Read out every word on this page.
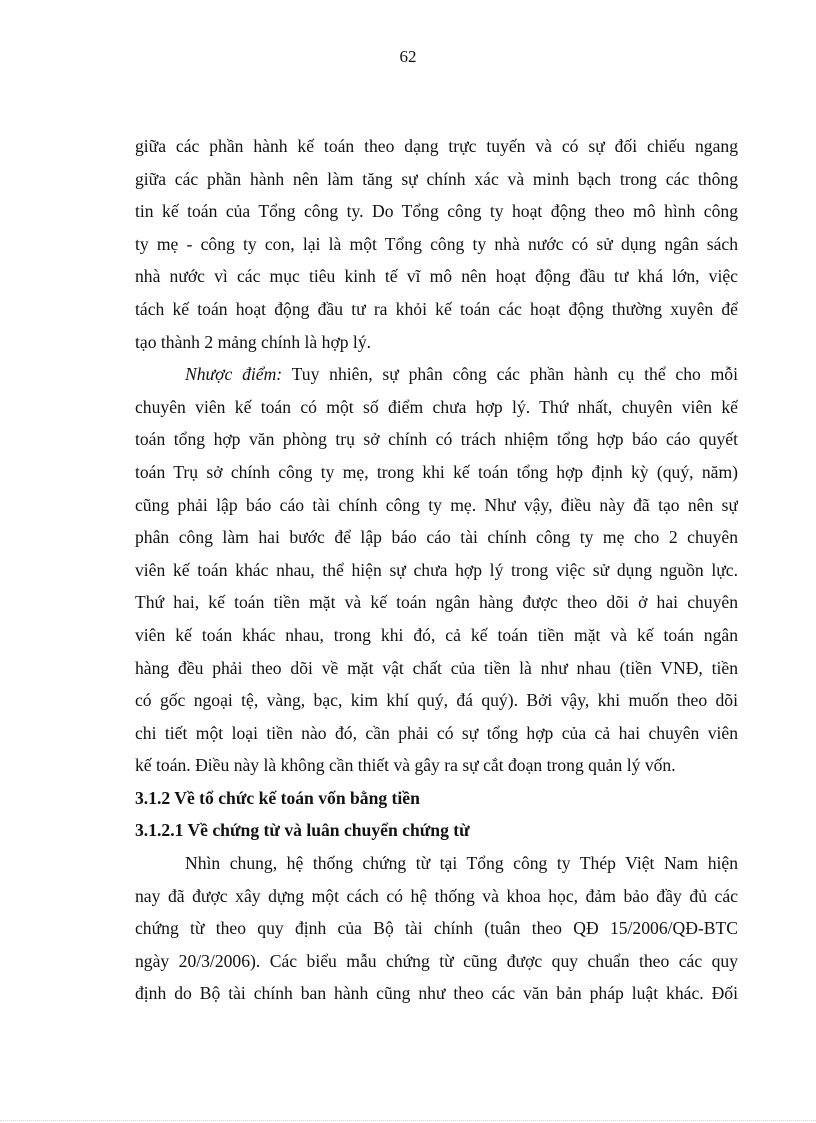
62
giữa các phần hành kế toán theo dạng trực tuyến và có sự đối chiếu ngang
giữa các phần hành nên làm tăng sự chính xác và minh bạch trong các thông
tin kế toán của Tổng công ty. Do Tổng công ty hoạt động theo mô hình công
ty mẹ - công ty con, lại là một Tổng công ty nhà nước có sử dụng ngân sách
nhà nước vì các mục tiêu kinh tế vĩ mô nên hoạt động đầu tư khá lớn, việc
tách kế toán hoạt động đầu tư ra khỏi kế toán các hoạt động thường xuyên để
tạo thành 2 mảng chính là hợp lý.
Nhược điểm: Tuy nhiên, sự phân công các phần hành cụ thể cho mỗi
chuyên viên kế toán có một số điểm chưa hợp lý. Thứ nhất, chuyên viên kế
toán tổng hợp văn phòng trụ sở chính có trách nhiệm tổng hợp báo cáo quyết
toán Trụ sở chính công ty mẹ, trong khi kế toán tổng hợp định kỳ (quý, năm)
cũng phải lập báo cáo tài chính công ty mẹ. Như vậy, điều này đã tạo nên sự
phân công làm hai bước để lập báo cáo tài chính công ty mẹ cho 2 chuyên
viên kế toán khác nhau, thể hiện sự chưa hợp lý trong việc sử dụng nguồn lực.
Thứ hai, kế toán tiền mặt và kế toán ngân hàng được theo dõi ở hai chuyên
viên kế toán khác nhau, trong khi đó, cả kế toán tiền mặt và kế toán ngân
hàng đều phải theo dõi về mặt vật chất của tiền là như nhau (tiền VNĐ, tiền
có gốc ngoại tệ, vàng, bạc, kim khí quý, đá quý). Bởi vậy, khi muốn theo dõi
chi tiết một loại tiền nào đó, cần phải có sự tổng hợp của cả hai chuyên viên
kế toán. Điều này là không cần thiết và gây ra sự cắt đoạn trong quản lý vốn.
3.1.2 Về tổ chức kế toán vốn bằng tiền
3.1.2.1 Về chứng từ và luân chuyển chứng từ
Nhìn chung, hệ thống chứng từ tại Tổng công ty Thép Việt Nam hiện
nay đã được xây dựng một cách có hệ thống và khoa học, đảm bảo đầy đủ các
chứng từ theo quy định của Bộ tài chính (tuân theo QĐ 15/2006/QĐ-BTC
ngày 20/3/2006). Các biểu mẫu chứng từ cũng được quy chuẩn theo các quy
định do Bộ tài chính ban hành cũng như theo các văn bản pháp luật khác. Đối
